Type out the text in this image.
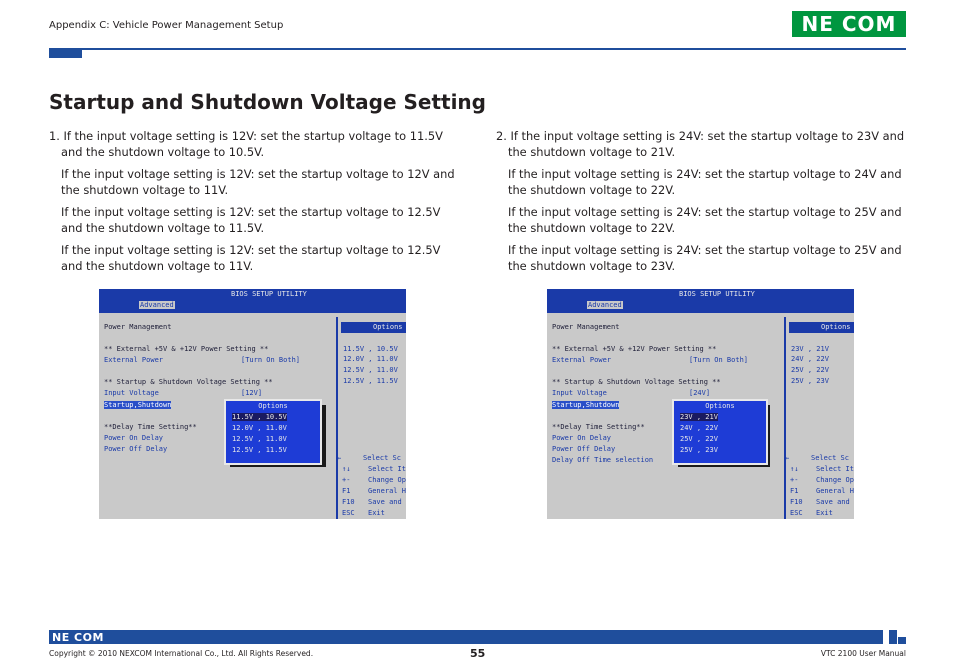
Appendix C: Vehicle Power Management Setup	NE COM
Startup and Shutdown Voltage Setting

1. If the input voltage setting is 12V: set the startup voltage to 11.5V and the shutdown voltage to 10.5V.

If the input voltage setting is 12V: set the startup voltage to 12V and the shutdown voltage to 11V.

If the input voltage setting is 12V: set the startup voltage to 12.5V and the shutdown voltage to 11.5V.

If the input voltage setting is 12V: set the startup voltage to 12.5V and the shutdown voltage to 11V.

2. If the input voltage setting is 24V: set the startup voltage to 23V and the shutdown voltage to 21V.

If the input voltage setting is 24V: set the startup voltage to 24V and the shutdown voltage to 22V.

If the input voltage setting is 24V: set the startup voltage to 25V and the shutdown voltage to 22V.

If the input voltage setting is 24V: set the startup voltage to 25V and the shutdown voltage to 23V.

BIOS SETUP UTILITY
Advanced
Power Management
** External +5V & +12V Power Setting **
External Power	[Turn On Both]
** Startup & Shutdown Voltage Setting **
Input Voltage	[12V]
Startup,Shutdown
**Delay Time Setting**
Power On Delay
Power Off Delay
Options
11.5V , 10.5V
12.0V , 11.0V
12.5V , 11.0V
12.5V , 11.5V
←	Select Sc
↑↓	Select It
+-	Change Op
F1	General H
F10 Save and
ESC Exit
Options
11.5V , 10.5V
12.0V , 11.0V
12.5V , 11.0V
12.5V , 11.5V
BIOS SETUP UTILITY
Advanced
Power Management
** External +5V & +12V Power Setting **
External Power	[Turn On Both]
** Startup & Shutdown Voltage Setting **
Input Voltage	[24V]
Startup,Shutdown
**Delay Time Setting**
Power On Delay
Power Off Delay
Delay Off Time selection
Options
23V , 21V
24V , 22V
25V , 22V
25V , 23V
←	Select Sc
↑↓	Select It
+-	Change Op
F1	General H
F10 Save and
ESC Exit
Options
23V , 21V
24V , 22V
25V , 22V
25V , 23V
NE COM
Copyright © 2010 NEXCOM International Co., Ltd. All Rights Reserved.	55	VTC 2100 User Manual
